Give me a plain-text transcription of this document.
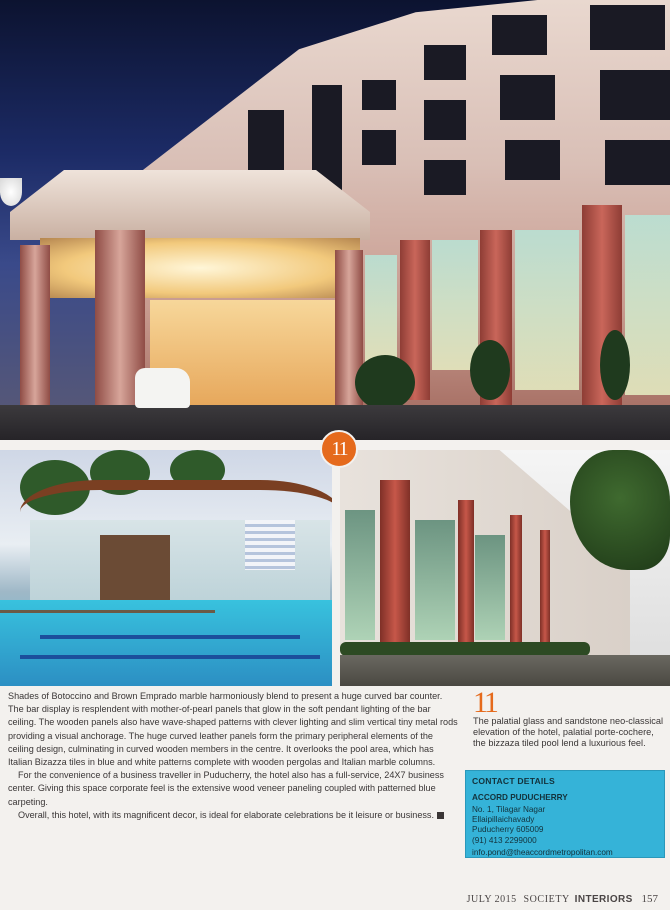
11

Shades of Botoccino and Brown Emprado marble harmoniously blend to present a huge curved bar counter. The bar display is resplendent with mother-of-pearl panels that glow in the soft pendant lighting of the bar ceiling. The wooden panels also have wave-shaped patterns with clever lighting and slim vertical tiny metal rods providing a visual anchorage. The huge curved leather panels form the primary peripheral elements of the ceiling design, culminating in curved wooden members in the centre. It overlooks the pool area, which has Italian Bizazza tiles in blue and white patterns complete with wooden pergolas and Italian marble columns.

For the convenience of a business traveller in Puducherry, the hotel also has a full-service, 24X7 business center. Giving this space corporate feel is the extensive wood veneer paneling coupled with patterned blue carpeting.

Overall, this hotel, with its magnificent decor, is ideal for elaborate celebrations be it leisure or business.

11

The palatial glass and sandstone neo-classical elevation of the hotel, palatial porte-cochere, the bizzaza tiled pool lend a luxurious feel.

CONTACT DETAILS
ACCORD PUDUCHERRY
No. 1, Tilagar Nagar
Ellaipillaichavady
Puducherry 605009
(91) 413 2299000
info.pond@theaccordmetropolitan.com
JULY 2015 SOCIETY INTERIORS 157
